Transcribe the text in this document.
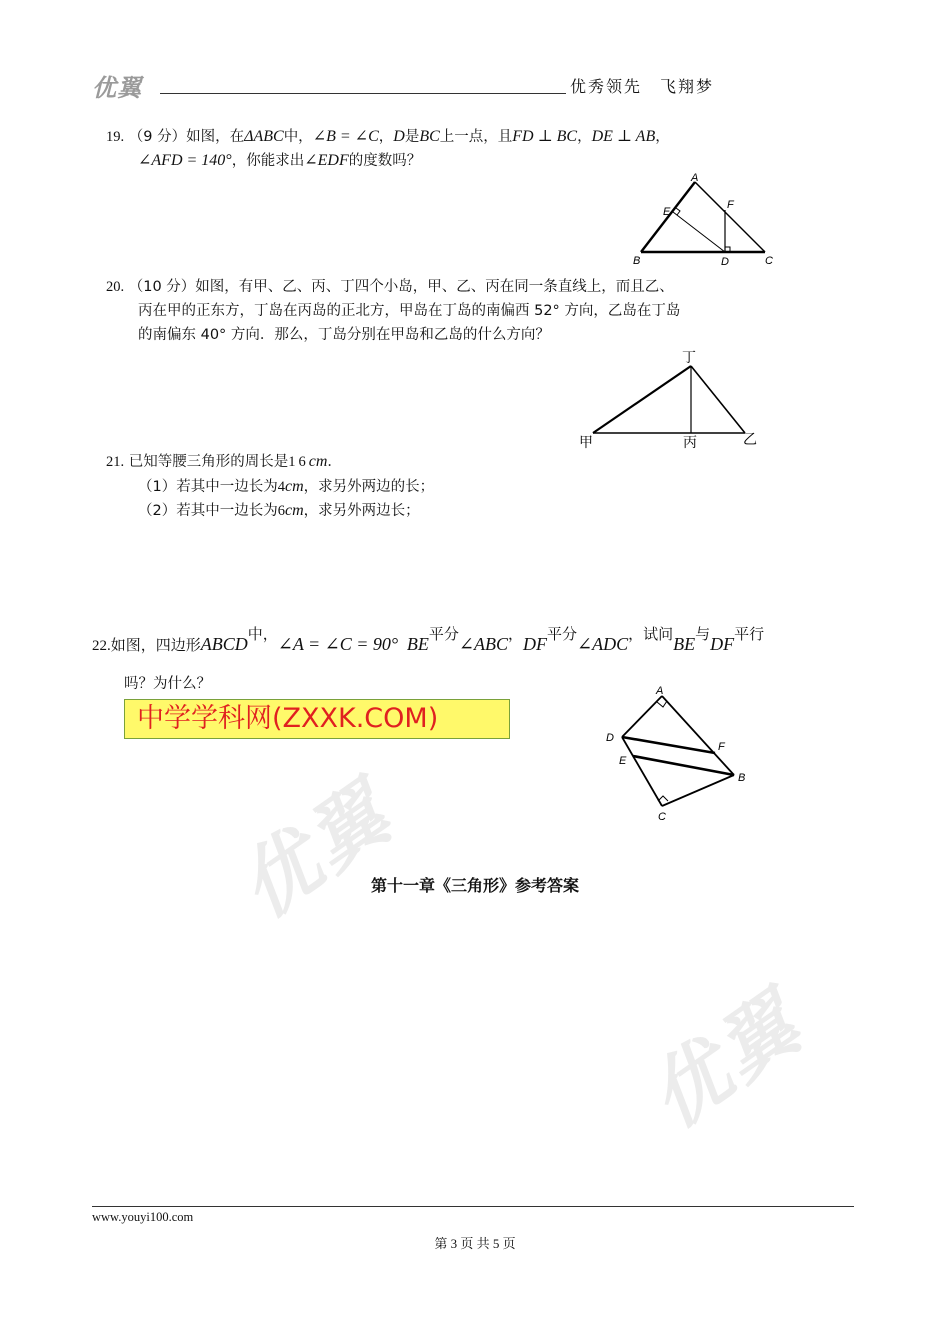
优翼
优翼
优翼	优秀领先　飞翔梦
19. （9 分）如图，在ΔABC中，∠B = ∠C，D是BC上一点，且FD ⊥ BC，DE ⊥ AB，
∠AFD = 140°，你能求出∠EDF的度数吗？
A
E
F
B	D	C
20. （10 分）如图，有甲、乙、丙、丁四个小岛，甲、乙、丙在同一条直线上，而且乙、
丙在甲的正东方，丁岛在丙岛的正北方，甲岛在丁岛的南偏西 52° 方向，乙岛在丁岛
的南偏东 40° 方向．那么，丁岛分别在甲岛和乙岛的什么方向？
丁
甲	丙	乙
21. 已知等腰三角形的周长是16cm．
（1）若其中一边长为4cm，求另外两边的长；
（2）若其中一边长为6cm，求另外两边长；
22.如图，四边形ABCD中，∠A = ∠C = 90° BE平分∠ABC，DF平分∠ADC，试问BE与DF平行
吗？为什么？
中学学科网(ZXXK.COM)
A
D
F
E
B
C
第十一章《三角形》参考答案
www.youyi100.com
第 3 页 共 5 页
